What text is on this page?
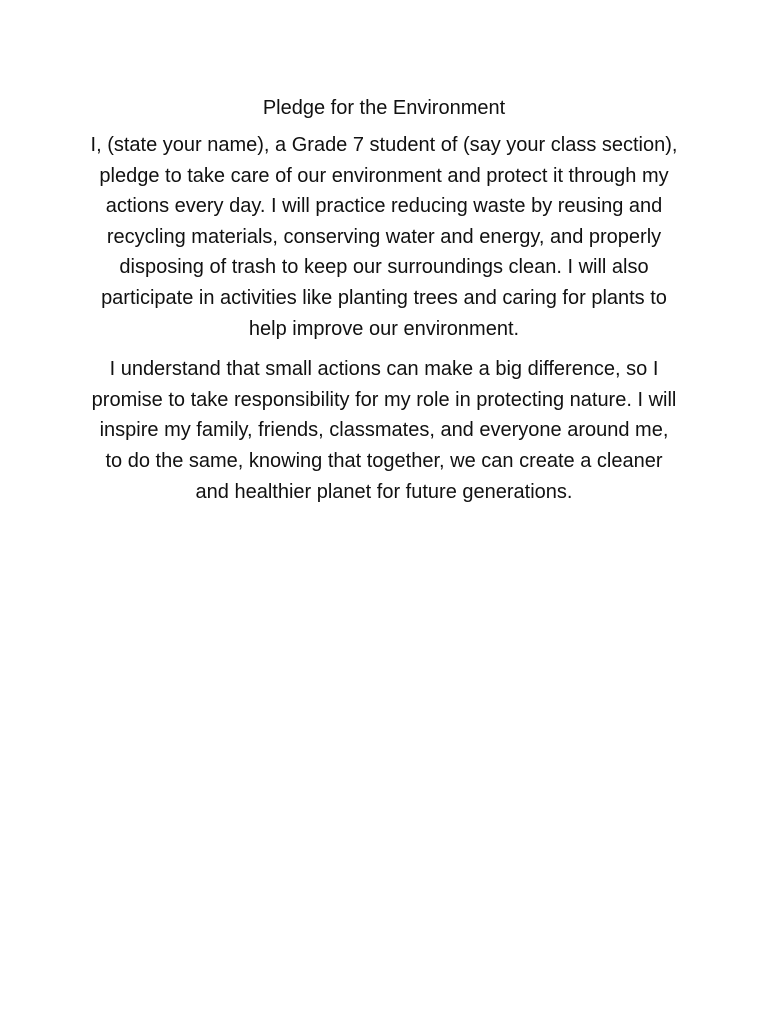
Pledge for the Environment

I, (state your name), a Grade 7 student of (say your class section), pledge to take care of our environment and protect it through my actions every day. I will practice reducing waste by reusing and recycling materials, conserving water and energy, and properly disposing of trash to keep our surroundings clean. I will also participate in activities like planting trees and caring for plants to help improve our environment.

I understand that small actions can make a big difference, so I promise to take responsibility for my role in protecting nature. I will inspire my family, friends, classmates, and everyone around me, to do the same, knowing that together, we can create a cleaner and healthier planet for future generations.
